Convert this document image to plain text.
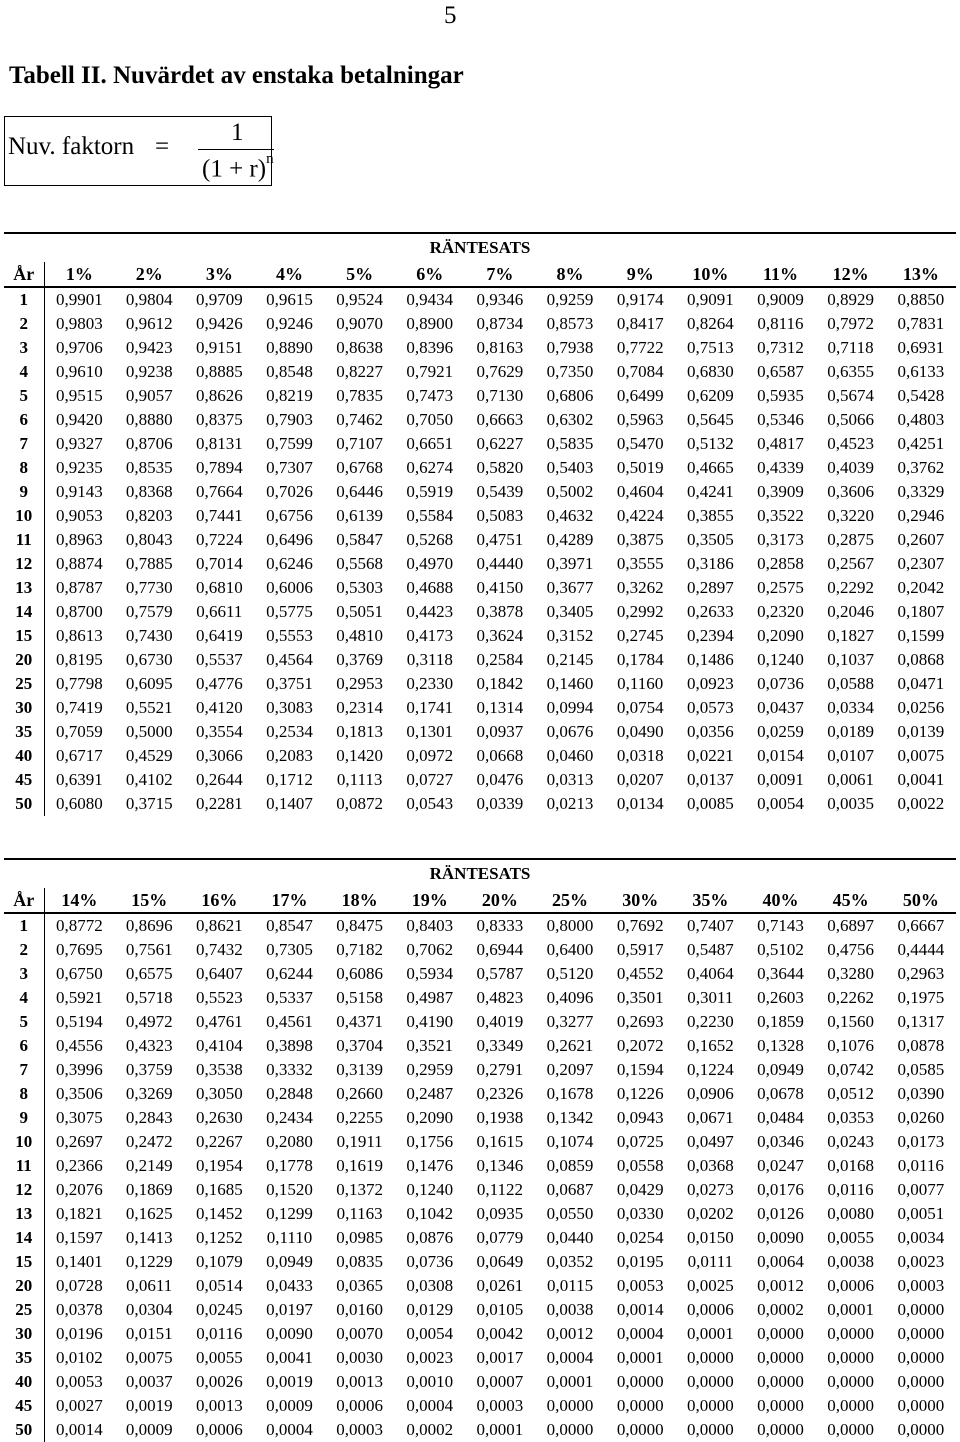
5
Tabell II. Nuvärdet av enstaka betalningar
Nuv. faktorn =
1
$(1 + r)^n$
RÄNTESATS													
År	1%	2%	3%	4%	5%	6%	7%	8%	9%	10%	11%	12%	13%
1	0,9901	0,9804	0,9709	0,9615	0,9524	0,9434	0,9346	0,9259	0,9174	0,9091	0,9009	0,8929	0,8850
2	0,9803	0,9612	0,9426	0,9246	0,9070	0,8900	0,8734	0,8573	0,8417	0,8264	0,8116	0,7972	0,7831
3	0,9706	0,9423	0,9151	0,8890	0,8638	0,8396	0,8163	0,7938	0,7722	0,7513	0,7312	0,7118	0,6931
4	0,9610	0,9238	0,8885	0,8548	0,8227	0,7921	0,7629	0,7350	0,7084	0,6830	0,6587	0,6355	0,6133
5	0,9515	0,9057	0,8626	0,8219	0,7835	0,7473	0,7130	0,6806	0,6499	0,6209	0,5935	0,5674	0,5428
6	0,9420	0,8880	0,8375	0,7903	0,7462	0,7050	0,6663	0,6302	0,5963	0,5645	0,5346	0,5066	0,4803
7	0,9327	0,8706	0,8131	0,7599	0,7107	0,6651	0,6227	0,5835	0,5470	0,5132	0,4817	0,4523	0,4251
8	0,9235	0,8535	0,7894	0,7307	0,6768	0,6274	0,5820	0,5403	0,5019	0,4665	0,4339	0,4039	0,3762
9	0,9143	0,8368	0,7664	0,7026	0,6446	0,5919	0,5439	0,5002	0,4604	0,4241	0,3909	0,3606	0,3329
10	0,9053	0,8203	0,7441	0,6756	0,6139	0,5584	0,5083	0,4632	0,4224	0,3855	0,3522	0,3220	0,2946
11	0,8963	0,8043	0,7224	0,6496	0,5847	0,5268	0,4751	0,4289	0,3875	0,3505	0,3173	0,2875	0,2607
12	0,8874	0,7885	0,7014	0,6246	0,5568	0,4970	0,4440	0,3971	0,3555	0,3186	0,2858	0,2567	0,2307
13	0,8787	0,7730	0,6810	0,6006	0,5303	0,4688	0,4150	0,3677	0,3262	0,2897	0,2575	0,2292	0,2042
14	0,8700	0,7579	0,6611	0,5775	0,5051	0,4423	0,3878	0,3405	0,2992	0,2633	0,2320	0,2046	0,1807
15	0,8613	0,7430	0,6419	0,5553	0,4810	0,4173	0,3624	0,3152	0,2745	0,2394	0,2090	0,1827	0,1599
20	0,8195	0,6730	0,5537	0,4564	0,3769	0,3118	0,2584	0,2145	0,1784	0,1486	0,1240	0,1037	0,0868
25	0,7798	0,6095	0,4776	0,3751	0,2953	0,2330	0,1842	0,1460	0,1160	0,0923	0,0736	0,0588	0,0471
30	0,7419	0,5521	0,4120	0,3083	0,2314	0,1741	0,1314	0,0994	0,0754	0,0573	0,0437	0,0334	0,0256
35	0,7059	0,5000	0,3554	0,2534	0,1813	0,1301	0,0937	0,0676	0,0490	0,0356	0,0259	0,0189	0,0139
40	0,6717	0,4529	0,3066	0,2083	0,1420	0,0972	0,0668	0,0460	0,0318	0,0221	0,0154	0,0107	0,0075
45	0,6391	0,4102	0,2644	0,1712	0,1113	0,0727	0,0476	0,0313	0,0207	0,0137	0,0091	0,0061	0,0041
50	0,6080	0,3715	0,2281	0,1407	0,0872	0,0543	0,0339	0,0213	0,0134	0,0085	0,0054	0,0035	0,0022
RÄNTESATS													
År	14%	15%	16%	17%	18%	19%	20%	25%	30%	35%	40%	45%	50%
1	0,8772	0,8696	0,8621	0,8547	0,8475	0,8403	0,8333	0,8000	0,7692	0,7407	0,7143	0,6897	0,6667
2	0,7695	0,7561	0,7432	0,7305	0,7182	0,7062	0,6944	0,6400	0,5917	0,5487	0,5102	0,4756	0,4444
3	0,6750	0,6575	0,6407	0,6244	0,6086	0,5934	0,5787	0,5120	0,4552	0,4064	0,3644	0,3280	0,2963
4	0,5921	0,5718	0,5523	0,5337	0,5158	0,4987	0,4823	0,4096	0,3501	0,3011	0,2603	0,2262	0,1975
5	0,5194	0,4972	0,4761	0,4561	0,4371	0,4190	0,4019	0,3277	0,2693	0,2230	0,1859	0,1560	0,1317
6	0,4556	0,4323	0,4104	0,3898	0,3704	0,3521	0,3349	0,2621	0,2072	0,1652	0,1328	0,1076	0,0878
7	0,3996	0,3759	0,3538	0,3332	0,3139	0,2959	0,2791	0,2097	0,1594	0,1224	0,0949	0,0742	0,0585
8	0,3506	0,3269	0,3050	0,2848	0,2660	0,2487	0,2326	0,1678	0,1226	0,0906	0,0678	0,0512	0,0390
9	0,3075	0,2843	0,2630	0,2434	0,2255	0,2090	0,1938	0,1342	0,0943	0,0671	0,0484	0,0353	0,0260
10	0,2697	0,2472	0,2267	0,2080	0,1911	0,1756	0,1615	0,1074	0,0725	0,0497	0,0346	0,0243	0,0173
11	0,2366	0,2149	0,1954	0,1778	0,1619	0,1476	0,1346	0,0859	0,0558	0,0368	0,0247	0,0168	0,0116
12	0,2076	0,1869	0,1685	0,1520	0,1372	0,1240	0,1122	0,0687	0,0429	0,0273	0,0176	0,0116	0,0077
13	0,1821	0,1625	0,1452	0,1299	0,1163	0,1042	0,0935	0,0550	0,0330	0,0202	0,0126	0,0080	0,0051
14	0,1597	0,1413	0,1252	0,1110	0,0985	0,0876	0,0779	0,0440	0,0254	0,0150	0,0090	0,0055	0,0034
15	0,1401	0,1229	0,1079	0,0949	0,0835	0,0736	0,0649	0,0352	0,0195	0,0111	0,0064	0,0038	0,0023
20	0,0728	0,0611	0,0514	0,0433	0,0365	0,0308	0,0261	0,0115	0,0053	0,0025	0,0012	0,0006	0,0003
25	0,0378	0,0304	0,0245	0,0197	0,0160	0,0129	0,0105	0,0038	0,0014	0,0006	0,0002	0,0001	0,0000
30	0,0196	0,0151	0,0116	0,0090	0,0070	0,0054	0,0042	0,0012	0,0004	0,0001	0,0000	0,0000	0,0000
35	0,0102	0,0075	0,0055	0,0041	0,0030	0,0023	0,0017	0,0004	0,0001	0,0000	0,0000	0,0000	0,0000
40	0,0053	0,0037	0,0026	0,0019	0,0013	0,0010	0,0007	0,0001	0,0000	0,0000	0,0000	0,0000	0,0000
45	0,0027	0,0019	0,0013	0,0009	0,0006	0,0004	0,0003	0,0000	0,0000	0,0000	0,0000	0,0000	0,0000
50	0,0014	0,0009	0,0006	0,0004	0,0003	0,0002	0,0001	0,0000	0,0000	0,0000	0,0000	0,0000	0,0000
